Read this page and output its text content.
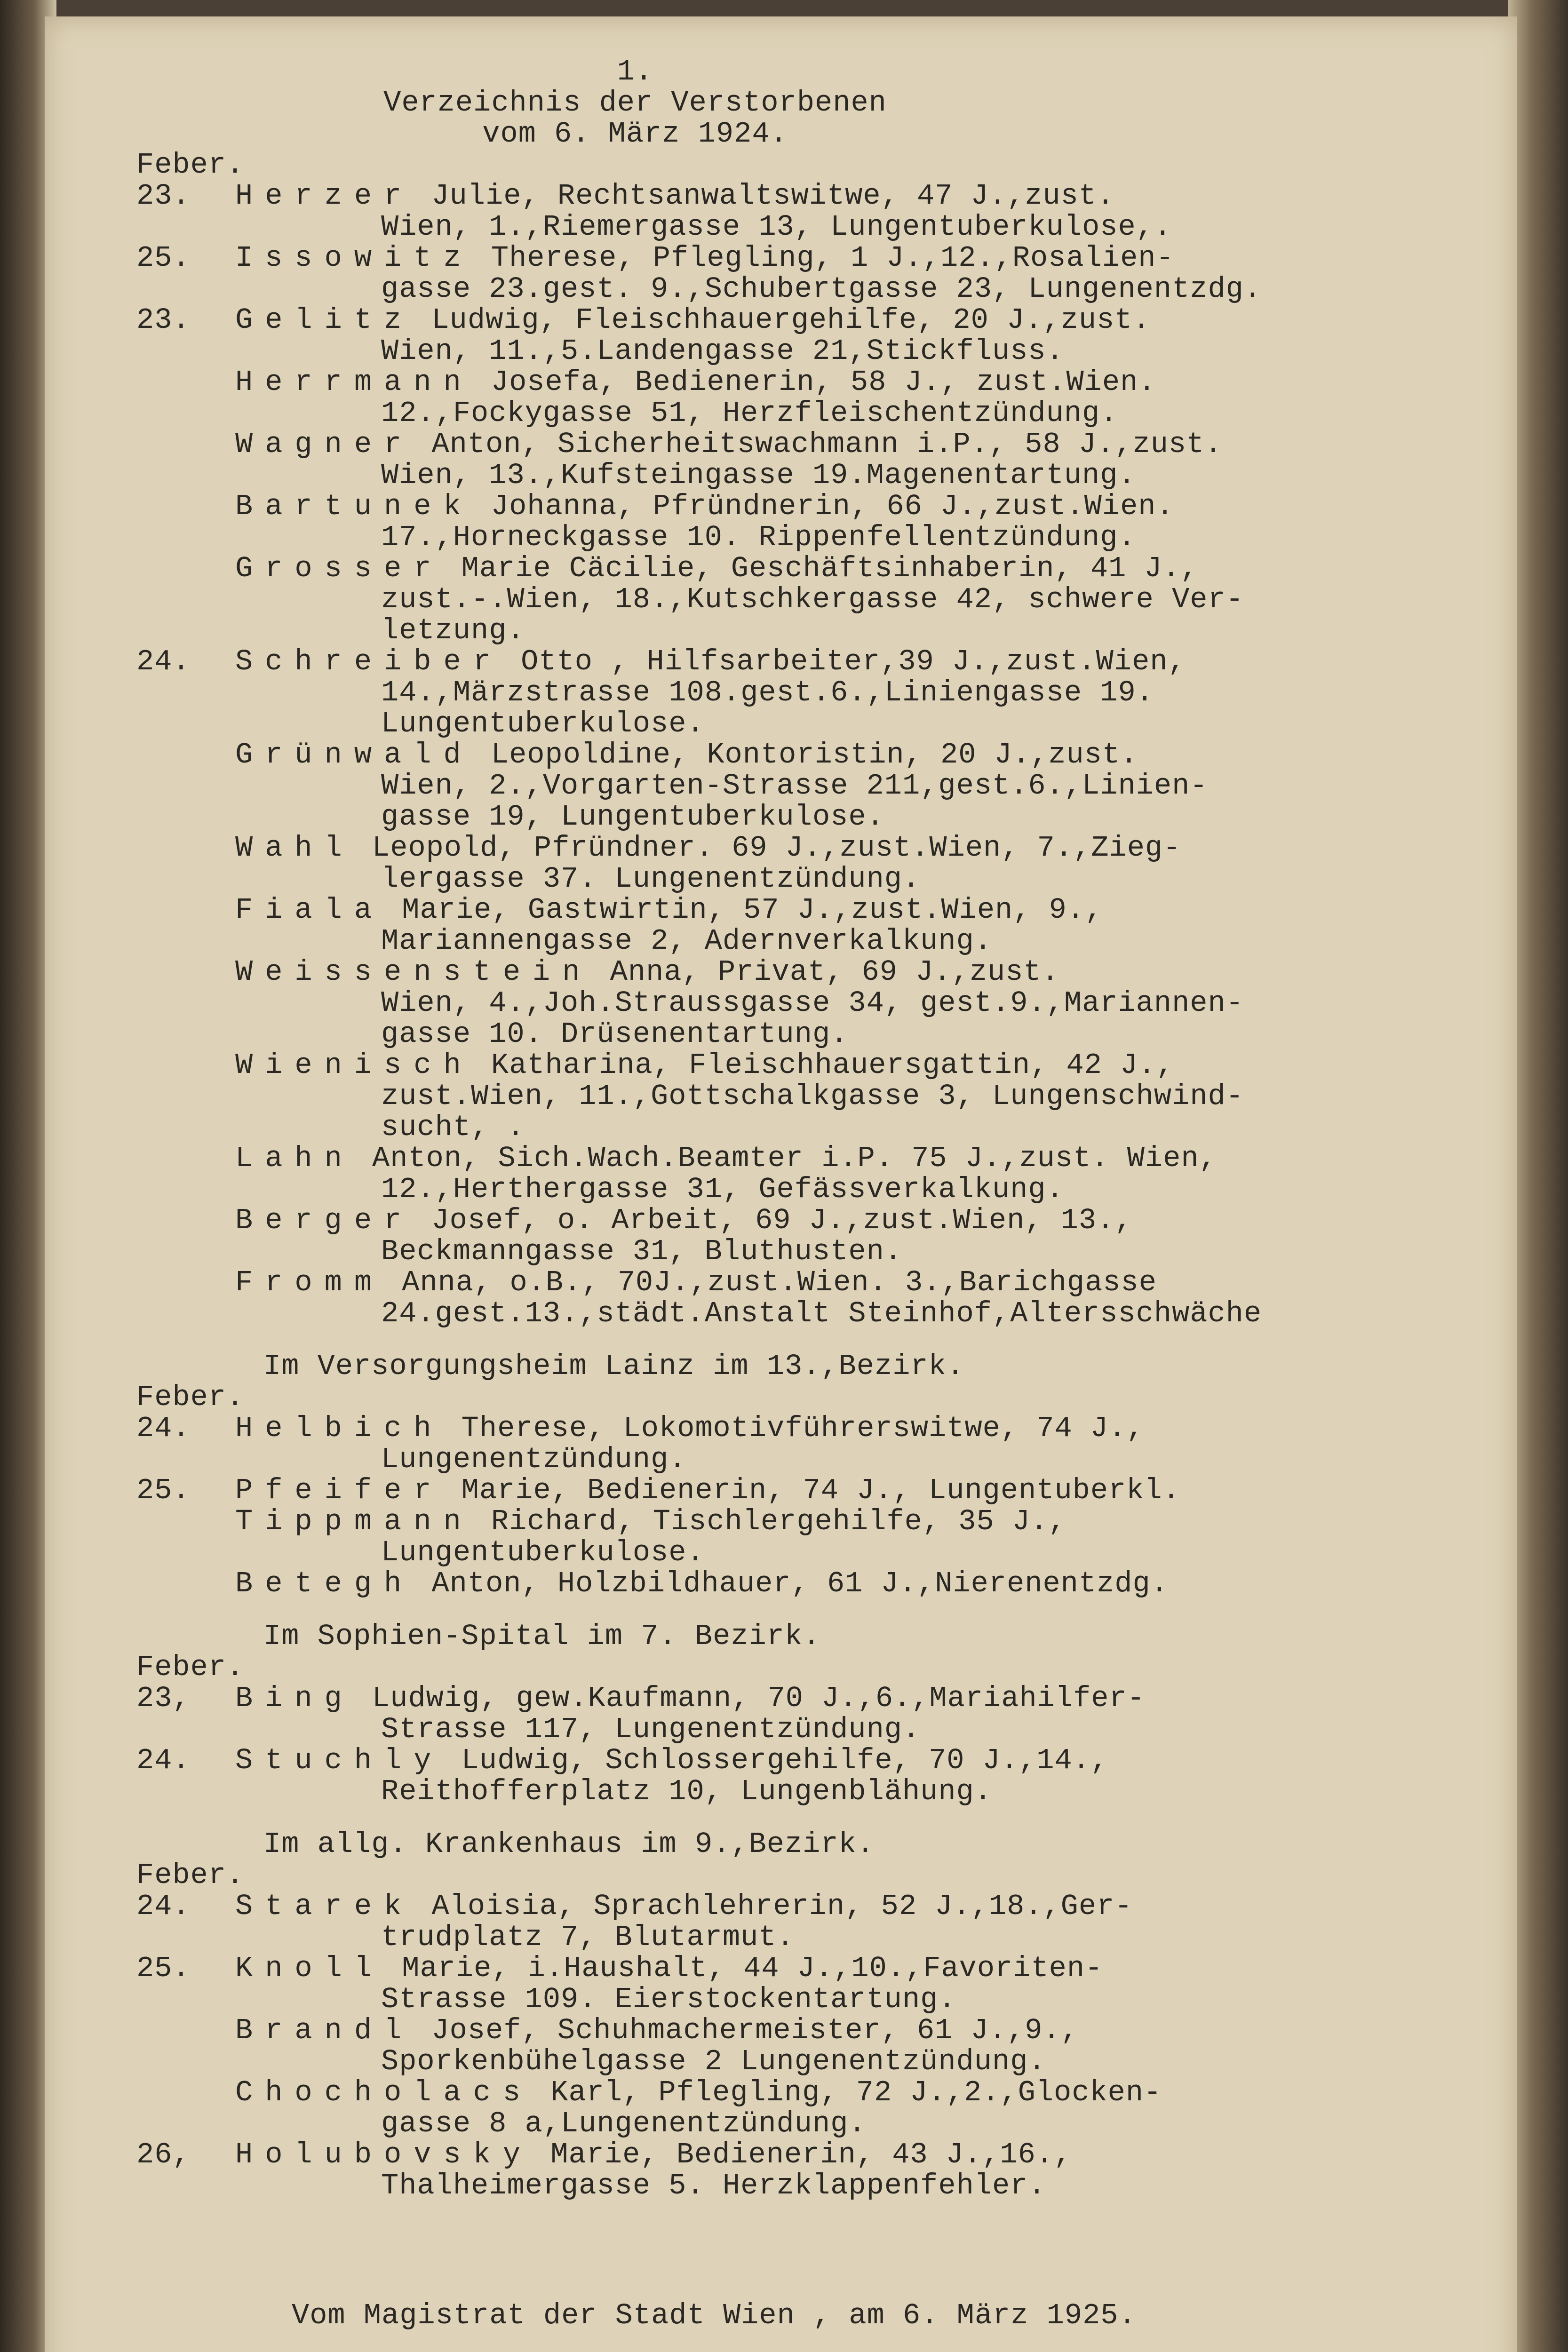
1.
Verzeichnis der Verstorbenen
vom 6. März 1924.
Feber.
23.	Herzer Julie, Rechtsanwaltswitwe, 47 J.,zust.
Wien, 1.,Riemergasse 13, Lungentuberkulose,.
25.	Issowitz Therese, Pflegling, 1 J.,12.,Rosalien-
gasse 23.gest. 9.,Schubertgasse 23, Lungenentzdg.
23.	Gelitz Ludwig, Fleischhauergehilfe, 20 J.,zust.
Wien, 11.,5.Landengasse 21,Stickfluss.
Herrmann Josefa, Bedienerin, 58 J., zust.Wien.
12.,Fockygasse 51, Herzfleischentzündung.
Wagner Anton, Sicherheitswachmann i.P., 58 J.,zust.
Wien, 13.,Kufsteingasse 19.Magenentartung.
Bartunek Johanna, Pfründnerin, 66 J.,zust.Wien.
17.,Horneckgasse 10. Rippenfellentzündung.
Grosser Marie Cäcilie, Geschäftsinhaberin, 41 J.,
zust.-.Wien, 18.,Kutschkergasse 42, schwere Ver-
letzung.
24.	Schreiber Otto , Hilfsarbeiter,39 J.,zust.Wien,
14.,Märzstrasse 108.gest.6.,Liniengasse 19.
Lungentuberkulose.
Grünwald Leopoldine, Kontoristin, 20 J.,zust.
Wien, 2.,Vorgarten-Strasse 211,gest.6.,Linien-
gasse 19, Lungentuberkulose.
Wahl Leopold, Pfründner. 69 J.,zust.Wien, 7.,Zieg-
lergasse 37. Lungenentzündung.
Fiala Marie, Gastwirtin, 57 J.,zust.Wien, 9.,
Mariannengasse 2, Adernverkalkung.
Weissenstein Anna, Privat, 69 J.,zust.
Wien, 4.,Joh.Straussgasse 34, gest.9.,Mariannen-
gasse 10. Drüsenentartung.
Wienisch Katharina, Fleischhauersgattin, 42 J.,
zust.Wien, 11.,Gottschalkgasse 3, Lungenschwind-
sucht, .
Lahn Anton, Sich.Wach.Beamter i.P. 75 J.,zust. Wien,
12.,Herthergasse 31, Gefässverkalkung.
Berger Josef, o. Arbeit, 69 J.,zust.Wien, 13.,
Beckmanngasse 31, Bluthusten.
Fromm Anna, o.B., 70J.,zust.Wien. 3.,Barichgasse
24.gest.13.,städt.Anstalt Steinhof,Altersschwäche
Im Versorgungsheim Lainz im 13.,Bezirk.
Feber.
24.	Helbich Therese, Lokomotivführerswitwe, 74 J.,
Lungenentzündung.
25.	Pfeifer Marie, Bedienerin, 74 J., Lungentuberkl.
Tippmann Richard, Tischlergehilfe, 35 J.,
Lungentuberkulose.
Betegh Anton, Holzbildhauer, 61 J.,Nierenentzdg.
Im Sophien-Spital im 7. Bezirk.
Feber.
23,	Bing Ludwig, gew.Kaufmann, 70 J.,6.,Mariahilfer-
Strasse 117, Lungenentzündung.
24.	Stuchly Ludwig, Schlossergehilfe, 70 J.,14.,
Reithofferplatz 10, Lungenblähung.
Im allg. Krankenhaus im 9.,Bezirk.
Feber.
24.	Starek Aloisia, Sprachlehrerin, 52 J.,18.,Ger-
trudplatz 7, Blutarmut.
25.	Knoll Marie, i.Haushalt, 44 J.,10.,Favoriten-
Strasse 109. Eierstockentartung.
Brandl Josef, Schuhmachermeister, 61 J.,9.,
Sporkenbühelgasse 2 Lungenentzündung.
Chocholacs Karl, Pflegling, 72 J.,2.,Glocken-
gasse 8 a,Lungenentzündung.
26,	Holubovsky Marie, Bedienerin, 43 J.,16.,
Thalheimergasse 5. Herzklappenfehler.
Vom Magistrat der Stadt Wien , am 6. März 1925.
